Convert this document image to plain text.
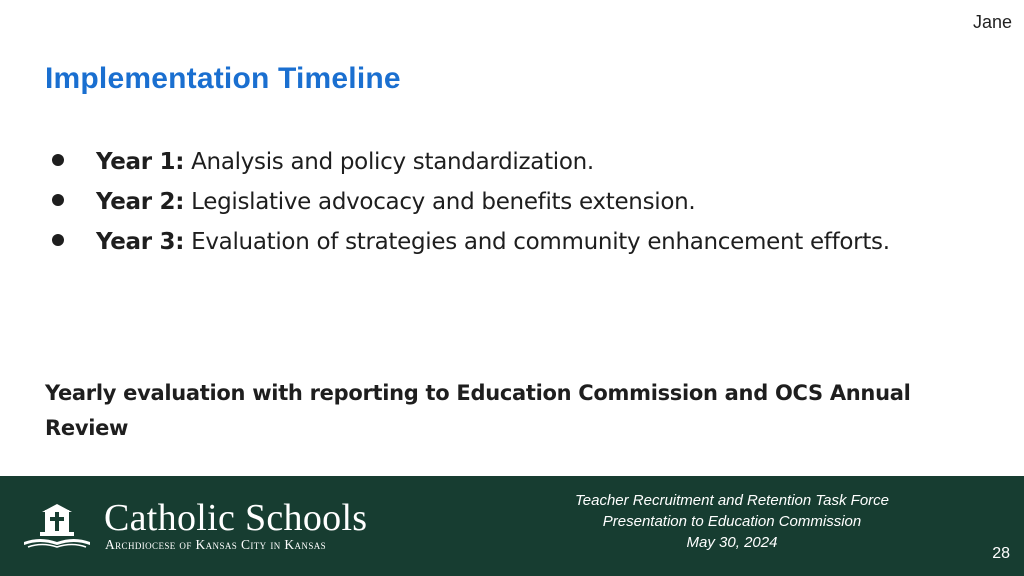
Jane
Implementation Timeline
Year 1: Analysis and policy standardization.
Year 2: Legislative advocacy and benefits extension.
Year 3: Evaluation of strategies and community enhancement efforts.

Yearly evaluation with reporting to Education Commission and OCS Annual Review

Catholic Schools
Archdiocese of Kansas City in Kansas
Teacher Recruitment and Retention Task Force
Presentation to Education Commission
May 30, 2024
28
